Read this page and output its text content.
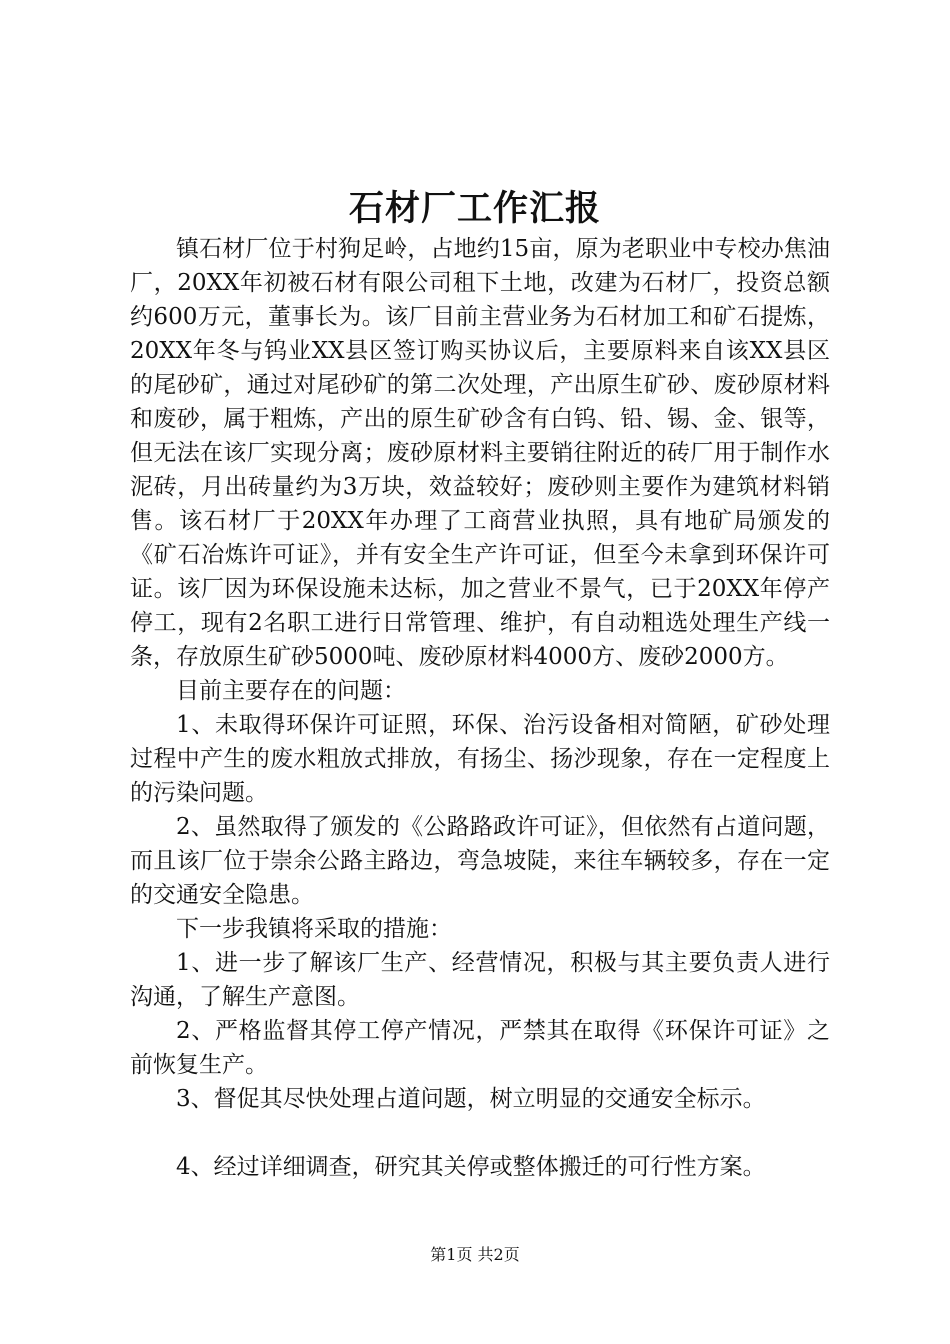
石材厂工作汇报

镇石材厂位于村狗足岭，占地约15亩，原为老职业中专校办焦油厂，20XX年初被石材有限公司租下土地，改建为石材厂，投资总额约600万元，董事长为。该厂目前主营业务为石材加工和矿石提炼，20XX年冬与钨业XX县区签订购买协议后，主要原料来自该XX县区的尾砂矿，通过对尾砂矿的第二次处理，产出原生矿砂、废砂原材料和废砂，属于粗炼，产出的原生矿砂含有白钨、铅、锡、金、银等，但无法在该厂实现分离；废砂原材料主要销往附近的砖厂用于制作水泥砖，月出砖量约为3万块，效益较好；废砂则主要作为建筑材料销售。该石材厂于20XX年办理了工商营业执照，具有地矿局颁发的《矿石冶炼许可证》，并有安全生产许可证，但至今未拿到环保许可证。该厂因为环保设施未达标，加之营业不景气，已于20XX年停产停工，现有2名职工进行日常管理、维护，有自动粗选处理生产线一条，存放原生矿砂5000吨、废砂原材料4000方、废砂2000方。

目前主要存在的问题：

1、未取得环保许可证照，环保、治污设备相对简陋，矿砂处理过程中产生的废水粗放式排放，有扬尘、扬沙现象，存在一定程度上的污染问题。

2、虽然取得了颁发的《公路路政许可证》，但依然有占道问题，而且该厂位于崇余公路主路边，弯急坡陡，来往车辆较多，存在一定的交通安全隐患。

下一步我镇将采取的措施：

1、进一步了解该厂生产、经营情况，积极与其主要负责人进行沟通，了解生产意图。

2、严格监督其停工停产情况，严禁其在取得《环保许可证》之前恢复生产。

3、督促其尽快处理占道问题，树立明显的交通安全标示。

4、经过详细调查，研究其关停或整体搬迁的可行性方案。

第1页 共2页
